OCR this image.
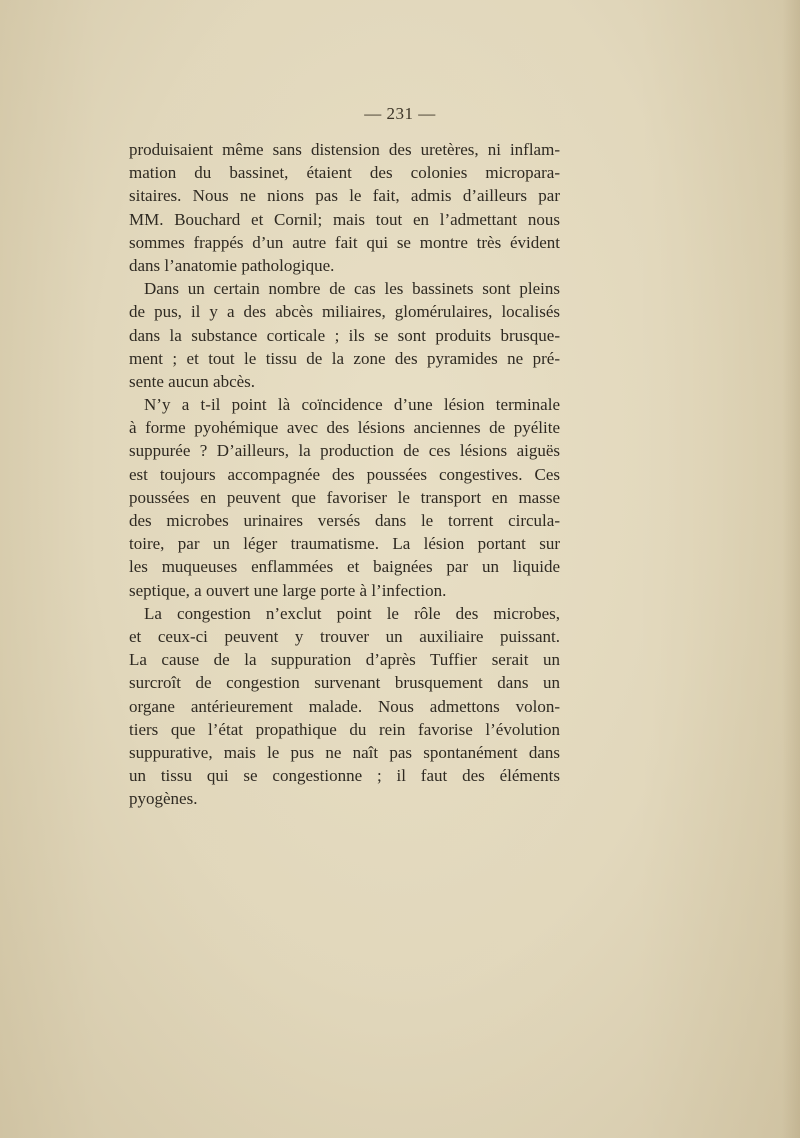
— 231 —
produisaient même sans distension des uretères, ni inflam-
mation du bassinet, étaient des colonies micropara-
sitaires. Nous ne nions pas le fait, admis d’ailleurs par
MM. Bouchard et Cornil; mais tout en l’admettant nous
sommes frappés d’un autre fait qui se montre très évident
dans l’anatomie pathologique.
Dans un certain nombre de cas les bassinets sont pleins
de pus, il y a des abcès miliaires, glomérulaires, localisés
dans la substance corticale ; ils se sont produits brusque-
ment ; et tout le tissu de la zone des pyramides ne pré-
sente aucun abcès.
N’y a t-il point là coïncidence d’une lésion terminale
à forme pyohémique avec des lésions anciennes de pyélite
suppurée ? D’ailleurs, la production de ces lésions aiguës
est toujours accompagnée des poussées congestives. Ces
poussées en peuvent que favoriser le transport en masse
des microbes urinaires versés dans le torrent circula-
toire, par un léger traumatisme. La lésion portant sur
les muqueuses enflammées et baignées par un liquide
septique, a ouvert une large porte à l’infection.
La congestion n’exclut point le rôle des microbes,
et ceux-ci peuvent y trouver un auxiliaire puissant.
La cause de la suppuration d’après Tuffier serait un
surcroît de congestion survenant brusquement dans un
organe antérieurement malade. Nous admettons volon-
tiers que l’état propathique du rein favorise l’évolution
suppurative, mais le pus ne naît pas spontanément dans
un tissu qui se congestionne ; il faut des éléments
pyogènes.
